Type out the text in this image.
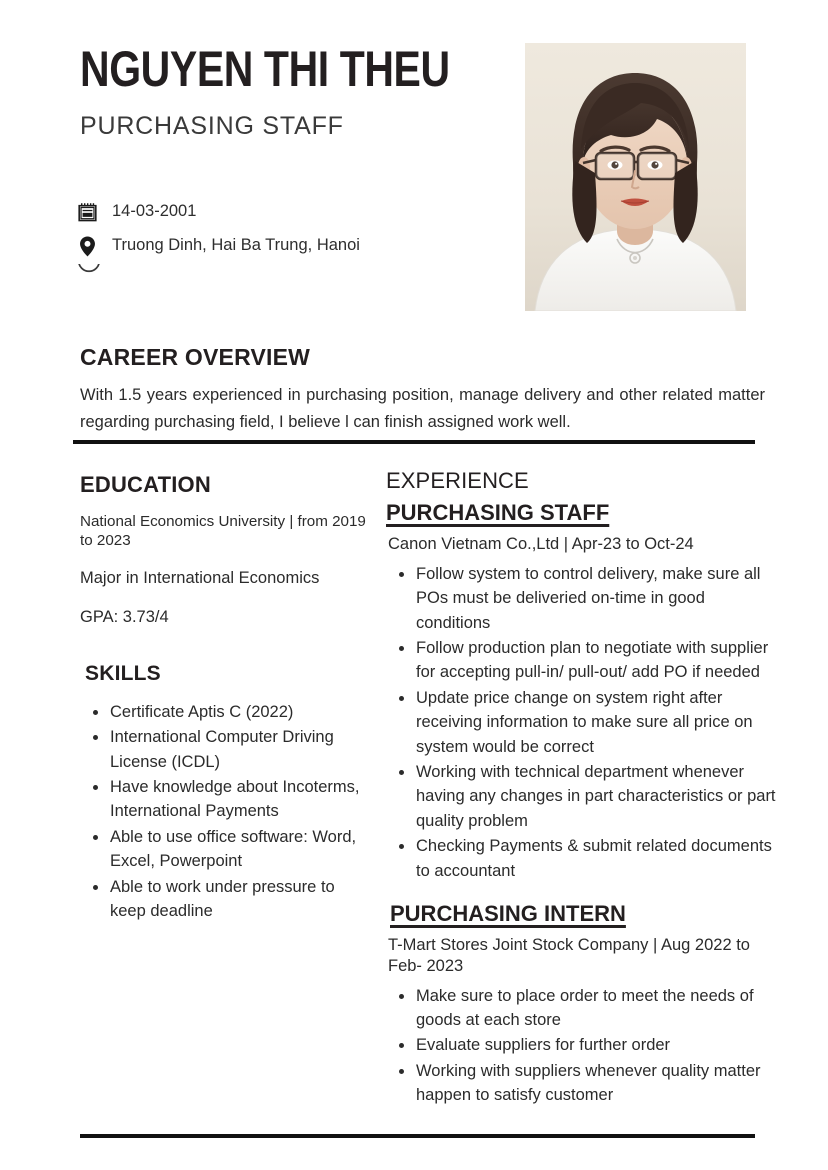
NGUYEN THI THEU
PURCHASING STAFF
14-03-2001
Truong Dinh, Hai Ba Trung, Hanoi
CAREER OVERVIEW
With 1.5 years experienced in purchasing position, manage delivery and other related matter regarding purchasing field, I believe l can finish assigned work well.
EDUCATION
National Economics University | from 2019 to 2023
Major in International Economics
GPA: 3.73/4
SKILLS
Certificate Aptis C (2022)
International Computer Driving License (ICDL)
Have knowledge about Incoterms, International Payments
Able to use office software: Word, Excel, Powerpoint
Able to work under pressure to keep deadline
EXPERIENCE
PURCHASING STAFF
Canon Vietnam Co.,Ltd | Apr-23 to Oct-24
Follow system to control delivery, make sure all POs must be deliveried on-time in good conditions
Follow production plan to negotiate with supplier for accepting pull-in/ pull-out/ add PO if needed
Update price change on system right after receiving information to make sure all price on system would be correct
Working with technical department whenever having any changes in part characteristics or part quality problem
Checking Payments & submit related documents to accountant
PURCHASING INTERN
T-Mart Stores Joint Stock Company | Aug 2022 to Feb- 2023
Make sure to place order to meet the needs of goods at each store
Evaluate suppliers for further order
Working with suppliers whenever quality matter happen to satisfy customer
